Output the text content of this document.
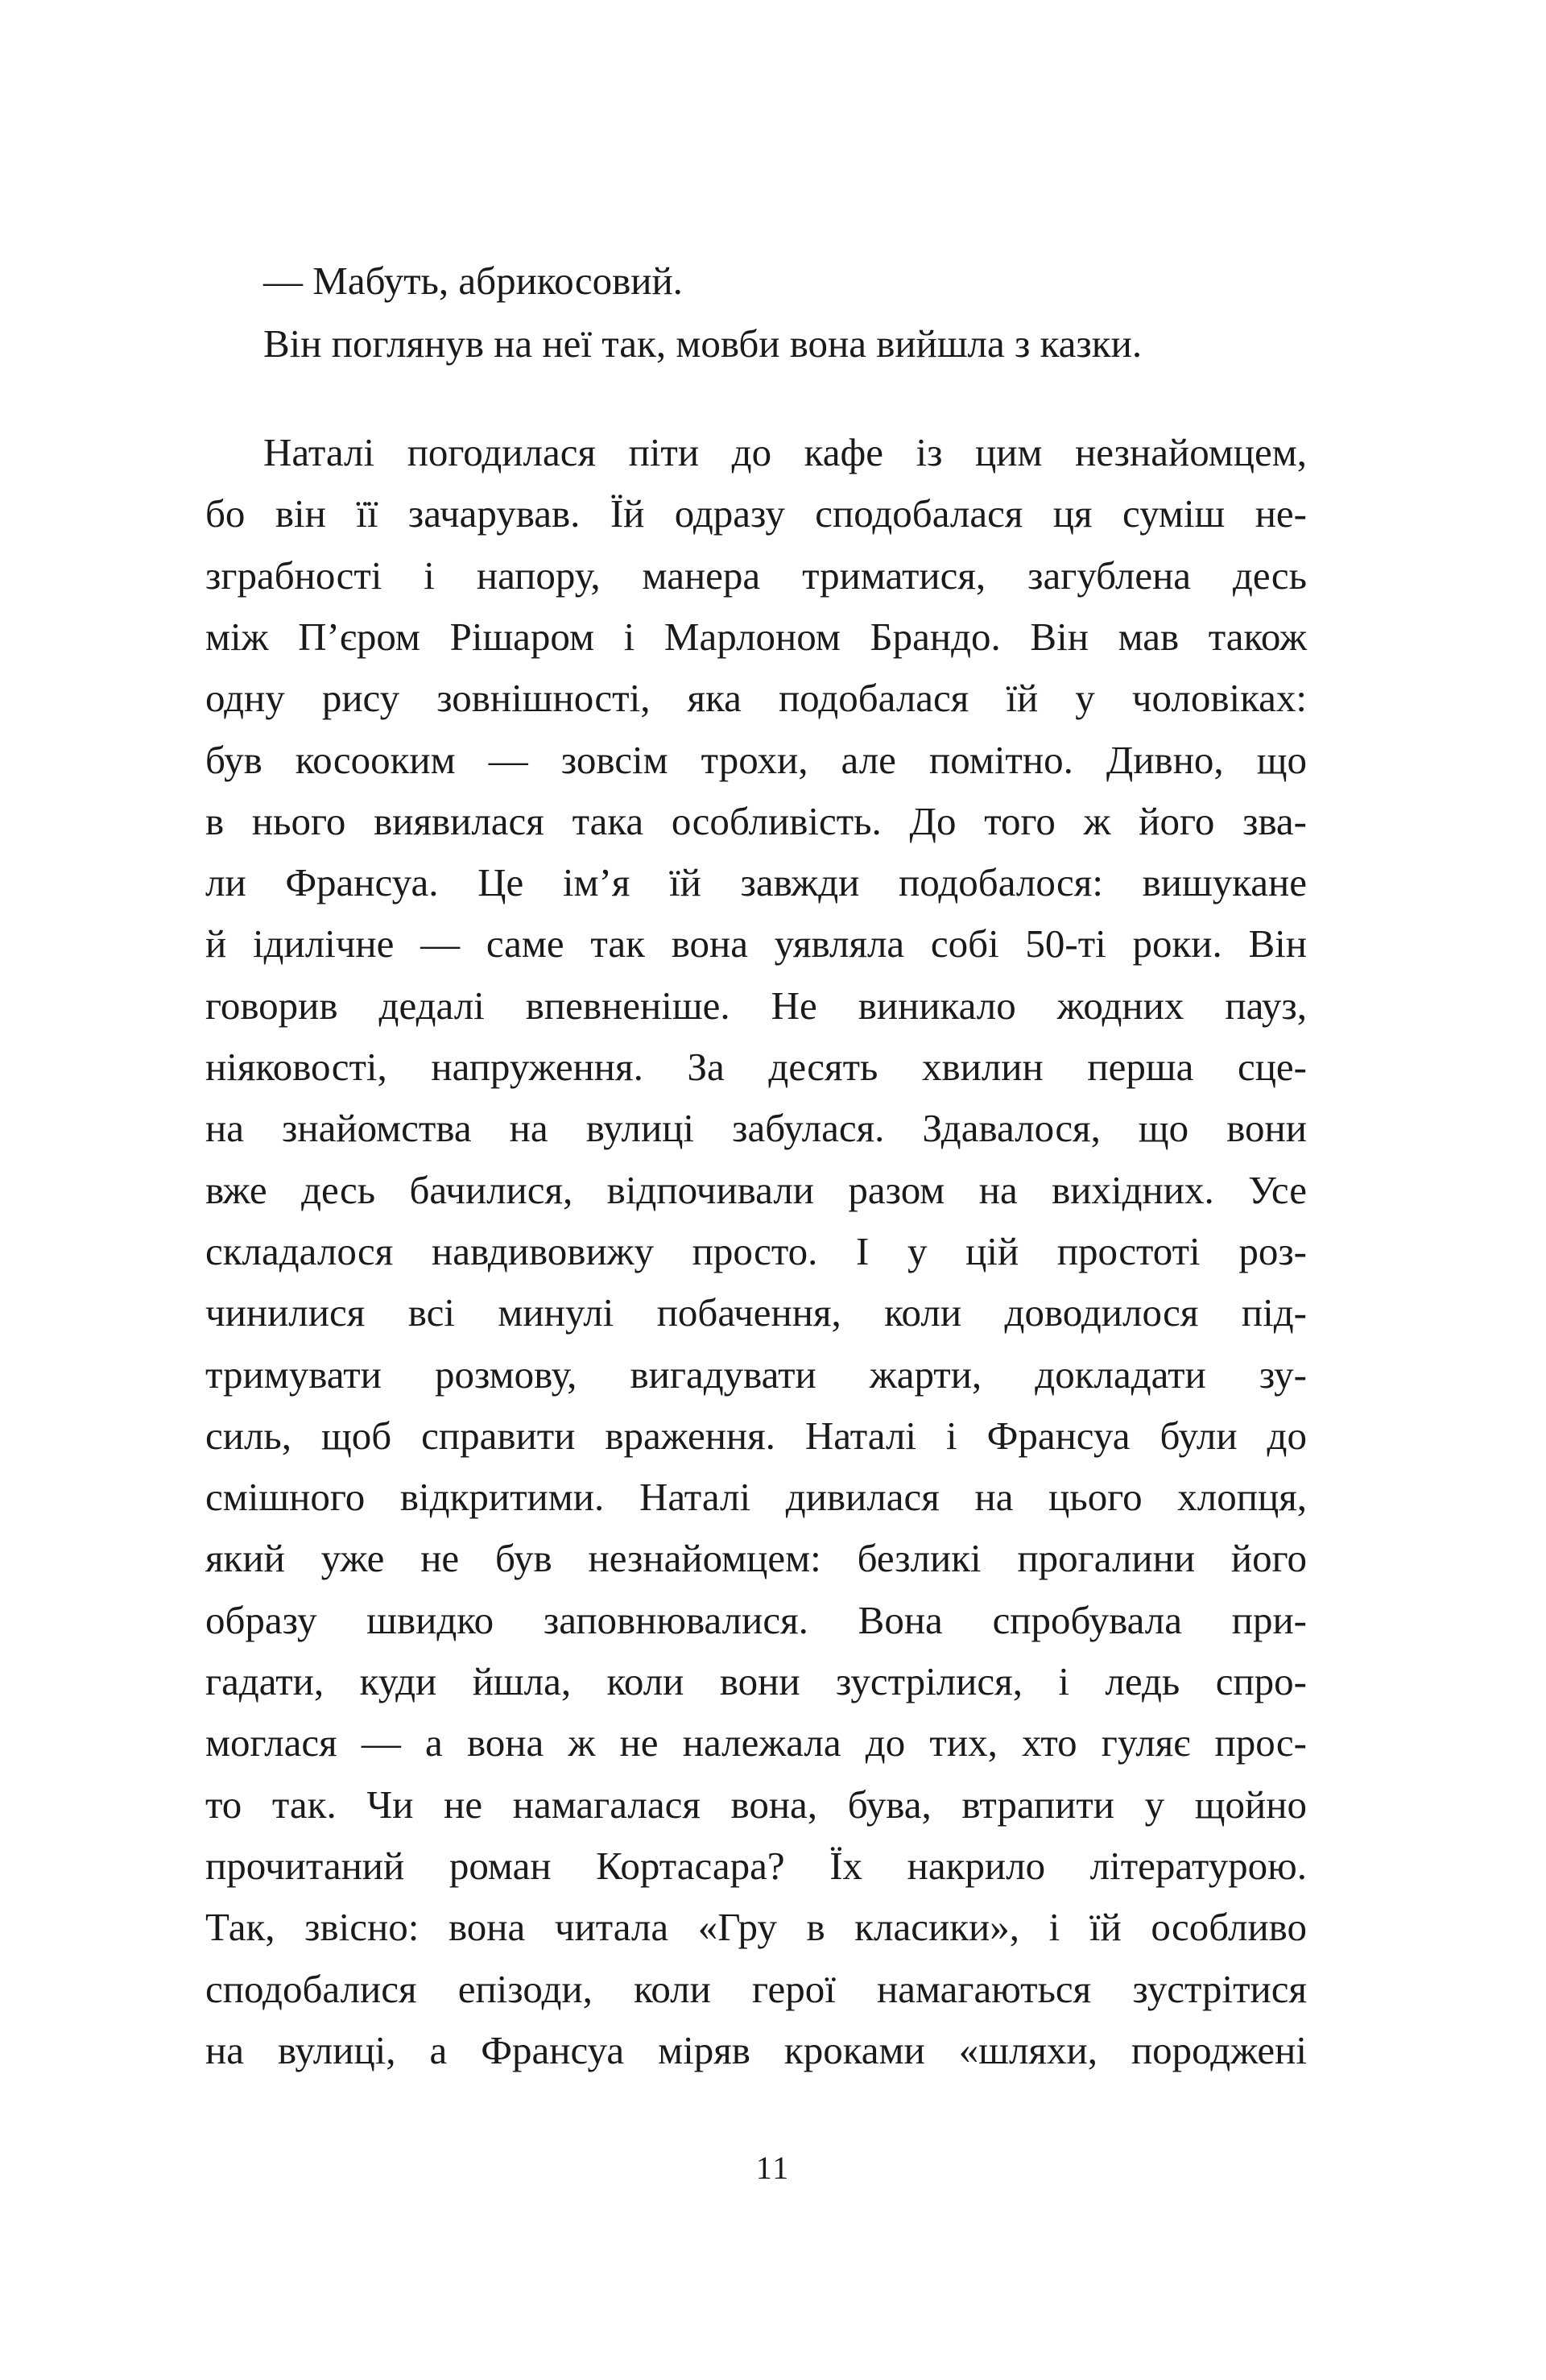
— Мабуть, абрикосовий.
Він поглянув на неї так, мовби вона вийшла з казки.
Наталі погодилася піти до кафе із цим незнайомцем,
бо він її зачарував. Їй одразу сподобалася ця суміш не-
зграбності і напору, манера триматися, загублена десь
між П’єром Рішаром і Марлоном Брандо. Він мав також
одну рису зовнішності, яка подобалася їй у чоловіках:
був косооким — зовсім трохи, але помітно. Дивно, що
в нього виявилася така особливість. До того ж його зва-
ли Франсуа. Це ім’я їй завжди подобалося: вишукане
й ідилічне — саме так вона уявляла собі 50-ті роки. Він
говорив дедалі впевненіше. Не виникало жодних пауз,
ніяковості, напруження. За десять хвилин перша сце-
на знайомства на вулиці забулася. Здавалося, що вони
вже десь бачилися, відпочивали разом на вихідних. Усе
складалося навдивовижу просто. І у цій простоті роз-
чинилися всі минулі побачення, коли доводилося під-
тримувати розмову, вигадувати жарти, докладати зу-
силь, щоб справити враження. Наталі і Франсуа були до
смішного відкритими. Наталі дивилася на цього хлопця,
який уже не був незнайомцем: безликі прогалини його
образу швидко заповнювалися. Вона спробувала при-
гадати, куди йшла, коли вони зустрілися, і ледь спро-
моглася — а вона ж не належала до тих, хто гуляє прос-
то так. Чи не намагалася вона, бува, втрапити у щойно
прочитаний роман Кортасара? Їх накрило літературою.
Так, звісно: вона читала «Гру в класики», і їй особливо
сподобалися епізоди, коли герої намагаються зустрітися
на вулиці, а Франсуа міряв кроками «шляхи, породжені
11
